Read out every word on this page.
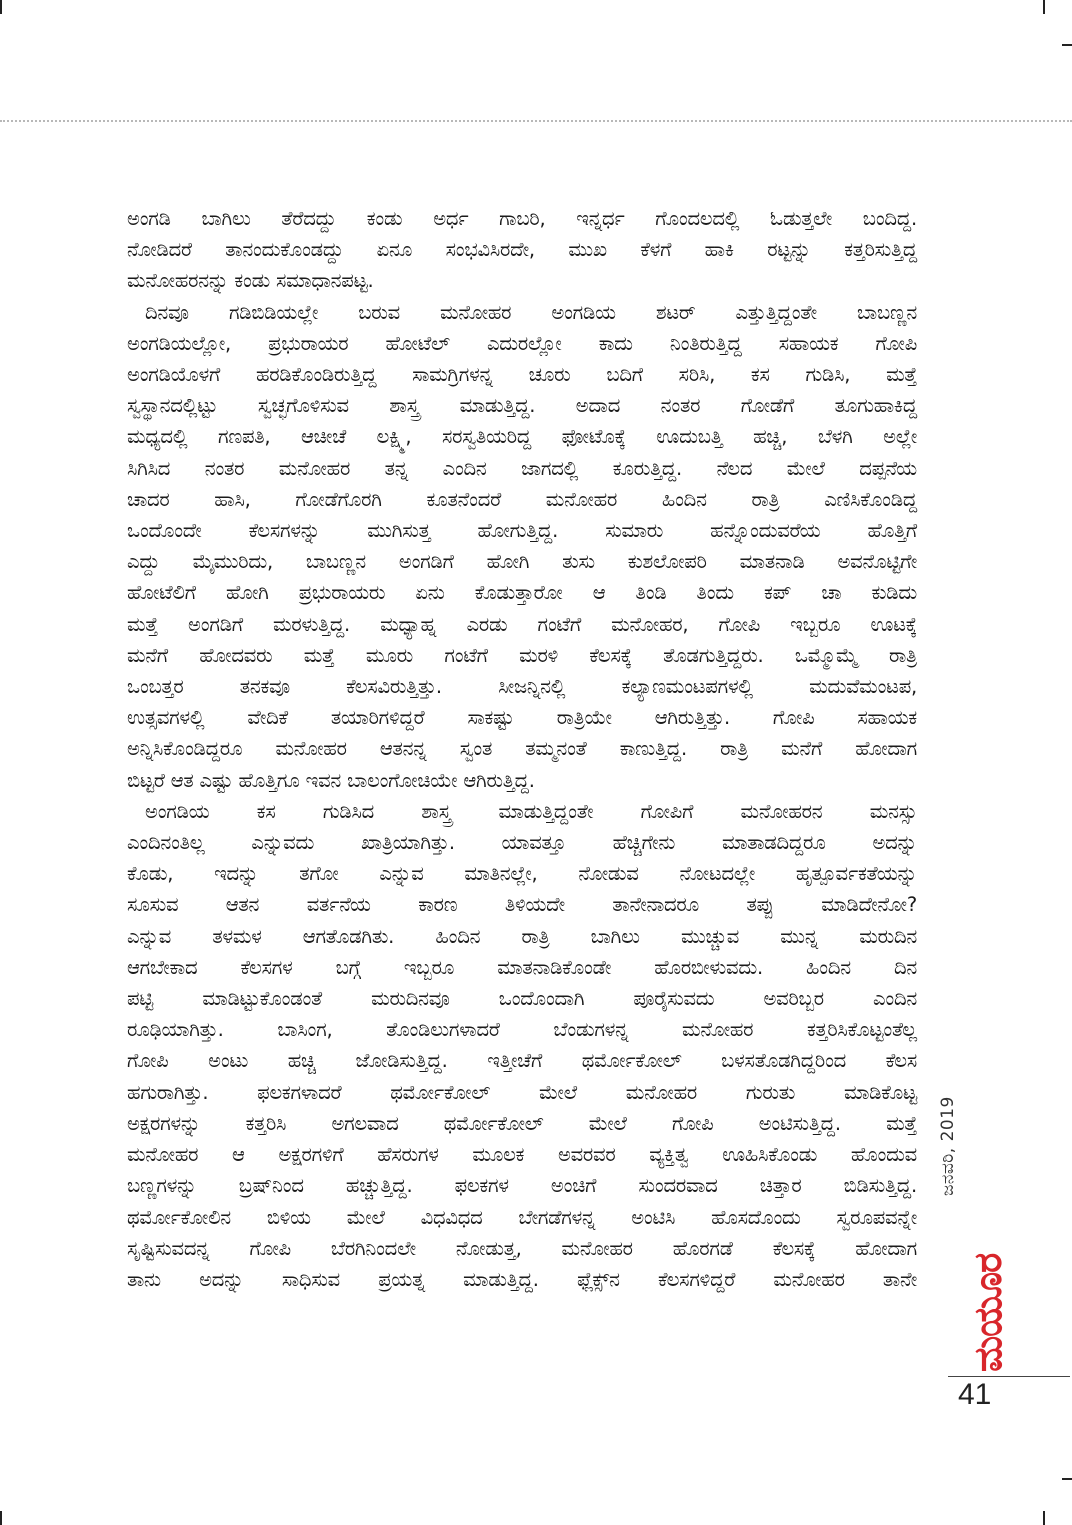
ಅಂಗಡಿ ಬಾಗಿಲು ತೆರೆದದ್ದು ಕಂಡು ಅರ್ಧ ಗಾಬರಿ, ಇನ್ನರ್ಧ ಗೊಂದಲದಲ್ಲಿ ಓಡುತ್ತಲೇ ಬಂದಿದ್ದ.
ನೋಡಿದರೆ ತಾನಂದುಕೊಂಡದ್ದು ಏನೂ ಸಂಭವಿಸಿರದೇ, ಮುಖ ಕೆಳಗೆ ಹಾಕಿ ರಟ್ಟನ್ನು ಕತ್ತರಿಸುತ್ತಿದ್ದ
ಮನೋಹರನನ್ನು ಕಂಡು ಸಮಾಧಾನಪಟ್ಟ.
ದಿನವೂ ಗಡಿಬಿಡಿಯಲ್ಲೇ ಬರುವ ಮನೋಹರ ಅಂಗಡಿಯ ಶಟರ್ ಎತ್ತುತ್ತಿದ್ದಂತೇ ಬಾಬಣ್ಣನ
ಅಂಗಡಿಯಲ್ಲೋ, ಪ್ರಭುರಾಯರ ಹೋಟೆಲ್ ಎದುರಲ್ಲೋ ಕಾದು ನಿಂತಿರುತ್ತಿದ್ದ ಸಹಾಯಕ ಗೋಪಿ
ಅಂಗಡಿಯೊಳಗೆ ಹರಡಿಕೊಂಡಿರುತ್ತಿದ್ದ ಸಾಮಗ್ರಿಗಳನ್ನ ಚೂರು ಬದಿಗೆ ಸರಿಸಿ, ಕಸ ಗುಡಿಸಿ, ಮತ್ತೆ
ಸ್ವಸ್ಥಾನದಲ್ಲಿಟ್ಟು ಸ್ವಚ್ಛಗೊಳಿಸುವ ಶಾಸ್ತ್ರ ಮಾಡುತ್ತಿದ್ದ. ಅದಾದ ನಂತರ ಗೋಡೆಗೆ ತೂಗುಹಾಕಿದ್ದ
ಮಧ್ಯದಲ್ಲಿ ಗಣಪತಿ, ಆಚೀಚೆ ಲಕ್ಷ್ಮಿ, ಸರಸ್ವತಿಯರಿದ್ದ ಫೋಟೊಕ್ಕೆ ಊದುಬತ್ತಿ ಹಚ್ಚಿ, ಬೆಳಗಿ ಅಲ್ಲೇ
ಸಿಗಿಸಿದ ನಂತರ ಮನೋಹರ ತನ್ನ ಎಂದಿನ ಜಾಗದಲ್ಲಿ ಕೂರುತ್ತಿದ್ದ. ನೆಲದ ಮೇಲೆ ದಪ್ಪನೆಯ
ಚಾದರ ಹಾಸಿ, ಗೋಡೆಗೊರಗಿ ಕೂತನೆಂದರೆ ಮನೋಹರ ಹಿಂದಿನ ರಾತ್ರಿ ಎಣಿಸಿಕೊಂಡಿದ್ದ
ಒಂದೊಂದೇ ಕೆಲಸಗಳನ್ನು ಮುಗಿಸುತ್ತ ಹೋಗುತ್ತಿದ್ದ. ಸುಮಾರು ಹನ್ನೊಂದುವರೆಯ ಹೊತ್ತಿಗೆ
ಎದ್ದು ಮೈಮುರಿದು, ಬಾಬಣ್ಣನ ಅಂಗಡಿಗೆ ಹೋಗಿ ತುಸು ಕುಶಲೋಪರಿ ಮಾತನಾಡಿ ಅವನೊಟ್ಟಿಗೇ
ಹೋಟೆಲಿಗೆ ಹೋಗಿ ಪ್ರಭುರಾಯರು ಏನು ಕೊಡುತ್ತಾರೋ ಆ ತಿಂಡಿ ತಿಂದು ಕಪ್ ಚಾ ಕುಡಿದು
ಮತ್ತೆ ಅಂಗಡಿಗೆ ಮರಳುತ್ತಿದ್ದ. ಮಧ್ಯಾಹ್ನ ಎರಡು ಗಂಟೆಗೆ ಮನೋಹರ, ಗೋಪಿ ಇಬ್ಬರೂ ಊಟಕ್ಕೆ
ಮನೆಗೆ ಹೋದವರು ಮತ್ತೆ ಮೂರು ಗಂಟೆಗೆ ಮರಳಿ ಕೆಲಸಕ್ಕೆ ತೊಡಗುತ್ತಿದ್ದರು. ಒಮ್ಮೊಮ್ಮೆ ರಾತ್ರಿ
ಒಂಬತ್ತರ ತನಕವೂ ಕೆಲಸವಿರುತ್ತಿತ್ತು. ಸೀಜನ್ನಿನಲ್ಲಿ ಕಲ್ಯಾಣಮಂಟಪಗಳಲ್ಲಿ ಮದುವೆಮಂಟಪ,
ಉತ್ಸವಗಳಲ್ಲಿ ವೇದಿಕೆ ತಯಾರಿಗಳಿದ್ದರೆ ಸಾಕಷ್ಟು ರಾತ್ರಿಯೇ ಆಗಿರುತ್ತಿತ್ತು. ಗೋಪಿ ಸಹಾಯಕ
ಅನ್ನಿಸಿಕೊಂಡಿದ್ದರೂ ಮನೋಹರ ಆತನನ್ನ ಸ್ವಂತ ತಮ್ಮನಂತೆ ಕಾಣುತ್ತಿದ್ದ. ರಾತ್ರಿ ಮನೆಗೆ ಹೋದಾಗ
ಬಿಟ್ಟರೆ ಆತ ಎಷ್ಟು ಹೊತ್ತಿಗೂ ಇವನ ಬಾಲಂಗೋಚಿಯೇ ಆಗಿರುತ್ತಿದ್ದ.
ಅಂಗಡಿಯ ಕಸ ಗುಡಿಸಿದ ಶಾಸ್ತ್ರ ಮಾಡುತ್ತಿದ್ದಂತೇ ಗೋಪಿಗೆ ಮನೋಹರನ ಮನಸ್ಸು
ಎಂದಿನಂತಿಲ್ಲ ಎನ್ನುವದು ಖಾತ್ರಿಯಾಗಿತ್ತು. ಯಾವತ್ತೂ ಹೆಚ್ಚಿಗೇನು ಮಾತಾಡದಿದ್ದರೂ ಅದನ್ನು
ಕೊಡು, ಇದನ್ನು ತಗೋ ಎನ್ನುವ ಮಾತಿನಲ್ಲೇ, ನೋಡುವ ನೋಟದಲ್ಲೇ ಹೃತ್ಪೂರ್ವಕತೆಯನ್ನು
ಸೂಸುವ ಆತನ ವರ್ತನೆಯ ಕಾರಣ ತಿಳಿಯದೇ ತಾನೇನಾದರೂ ತಪ್ಪು ಮಾಡಿದೇನೋ?
ಎನ್ನುವ ತಳಮಳ ಆಗತೊಡಗಿತು. ಹಿಂದಿನ ರಾತ್ರಿ ಬಾಗಿಲು ಮುಚ್ಚುವ ಮುನ್ನ ಮರುದಿನ
ಆಗಬೇಕಾದ ಕೆಲಸಗಳ ಬಗ್ಗೆ ಇಬ್ಬರೂ ಮಾತನಾಡಿಕೊಂಡೇ ಹೊರಬೀಳುವದು. ಹಿಂದಿನ ದಿನ
ಪಟ್ಟಿ ಮಾಡಿಟ್ಟುಕೊಂಡಂತೆ ಮರುದಿನವೂ ಒಂದೊಂದಾಗಿ ಪೂರೈಸುವದು ಅವರಿಬ್ಬರ ಎಂದಿನ
ರೂಢಿಯಾಗಿತ್ತು. ಬಾಸಿಂಗ, ತೊಂಡಿಲುಗಳಾದರೆ ಬೆಂಡುಗಳನ್ನ ಮನೋಹರ ಕತ್ತರಿಸಿಕೊಟ್ಟಂತೆಲ್ಲ
ಗೋಪಿ ಅಂಟು ಹಚ್ಚಿ ಜೋಡಿಸುತ್ತಿದ್ದ. ಇತ್ತೀಚೆಗೆ ಥರ್ಮೋಕೋಲ್ ಬಳಸತೊಡಗಿದ್ದರಿಂದ ಕೆಲಸ
ಹಗುರಾಗಿತ್ತು. ಫಲಕಗಳಾದರೆ ಥರ್ಮೋಕೋಲ್ ಮೇಲೆ ಮನೋಹರ ಗುರುತು ಮಾಡಿಕೊಟ್ಟ
ಅಕ್ಷರಗಳನ್ನು ಕತ್ತರಿಸಿ ಅಗಲವಾದ ಥರ್ಮೋಕೋಲ್ ಮೇಲೆ ಗೋಪಿ ಅಂಟಿಸುತ್ತಿದ್ದ. ಮತ್ತೆ
ಮನೋಹರ ಆ ಅಕ್ಷರಗಳಿಗೆ ಹೆಸರುಗಳ ಮೂಲಕ ಅವರವರ ವ್ಯಕ್ತಿತ್ವ ಊಹಿಸಿಕೊಂಡು ಹೊಂದುವ
ಬಣ್ಣಗಳನ್ನು ಬ್ರಷ್‌ನಿಂದ ಹಚ್ಚುತ್ತಿದ್ದ. ಫಲಕಗಳ ಅಂಚಿಗೆ ಸುಂದರವಾದ ಚಿತ್ತಾರ ಬಿಡಿಸುತ್ತಿದ್ದ.
ಥರ್ಮೋಕೋಲಿನ ಬಿಳಿಯ ಮೇಲೆ ವಿಧವಿಧದ ಬೇಗಡೆಗಳನ್ನ ಅಂಟಿಸಿ ಹೊಸದೊಂದು ಸ್ವರೂಪವನ್ನೇ
ಸೃಷ್ಟಿಸುವದನ್ನ ಗೋಪಿ ಬೆರಗಿನಿಂದಲೇ ನೋಡುತ್ತ, ಮನೋಹರ ಹೊರಗಡೆ ಕೆಲಸಕ್ಕೆ ಹೋದಾಗ
ತಾನು ಅದನ್ನು ಸಾಧಿಸುವ ಪ್ರಯತ್ನ ಮಾಡುತ್ತಿದ್ದ. ಫ್ಲೆಕ್ಸ್‌ನ ಕೆಲಸಗಳಿದ್ದರೆ ಮನೋಹರ ತಾನೇ
ಜನವರಿ, 2019
ಮಯೂರ
41
